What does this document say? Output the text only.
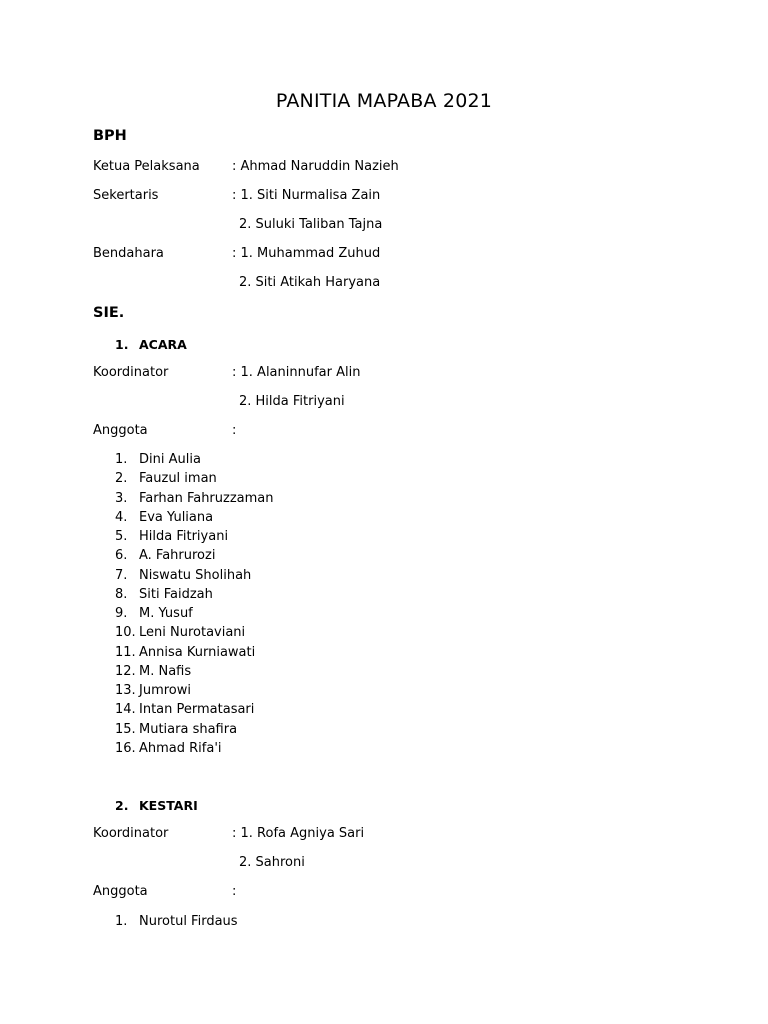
PANITIA MAPABA 2021
BPH
Ketua Pelaksana : Ahmad Naruddin Nazieh
Sekertaris	: 1. Siti Nurmalisa Zain
2. Suluki Taliban Tajna
Bendahara	: 1. Muhammad Zuhud
2. Siti Atikah Haryana
SIE.
1. ACARA
Koordinator	: 1. Alaninnufar Alin
2. Hilda Fitriyani
Anggota	:
1. Dini Aulia
2. Fauzul iman
3. Farhan Fahruzzaman
4. Eva Yuliana
5. Hilda Fitriyani
6. A. Fahrurozi
7. Niswatu Sholihah
8. Siti Faidzah
9. M. Yusuf
10. Leni Nurotaviani
11. Annisa Kurniawati
12. M. Nafis
13. Jumrowi
14. Intan Permatasari
15. Mutiara shafira
16. Ahmad Rifa'i
2. KESTARI
Koordinator	: 1. Rofa Agniya Sari
2. Sahroni
Anggota	:
1. Nurotul Firdaus
